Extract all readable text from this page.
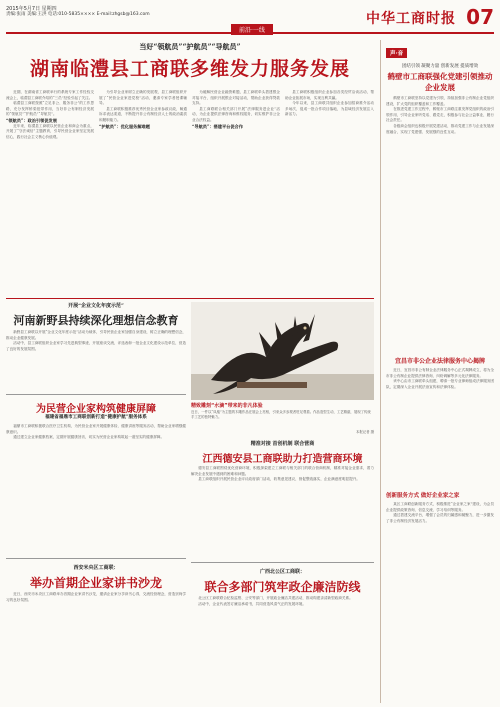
2015年5月7日 星期四
责编:张雨 美编:王洪 电话:010-5835×××× E-mail:zhgsb@163.com
前沿·一线
中华工商时报 07
当好“领航员”“护航员”“导航员”
湖南临澧县工商联多维发力服务发展

近期，在湖南省工商联举行的系统专家工作经验交流会上，临澧县工商联介绍的“三员”经验引起了关注。

临澧县工商联按照“立足非公、服务非公”的工作思路，充分发挥桥梁纽带作用，当好非公有制经济发展的“领航员”“护航员”“导航员”。

“领航员”：政治引领促发展

近年来，临澧县工商联以民营企业和商会为重点，开展了“守法诚信”主题教育，引导民营企业家坚定发展信心，践行社会主义核心价值观。

为引导企业家树立正确的发展观，县工商联组织开展了“民营企业家进党校”活动，邀请专家学者授课辅导。

县工商联积极推荐优秀民营企业家参政议政，畅通诉求表达渠道，不断提升非公有制经济人士的政治素质和履职能力。

“护航员”：优化服务解难题

为破解民营企业融资难题，县工商联牵头搭建银企对接平台，组织开展银企对接活动，帮助企业获得贷款支持。

县工商联联合相关部门开展“法律服务进企业”活动，为企业提供法律咨询和维权服务，切实维护非公企业合法权益。

“导航员”：搭建平台促合作

县工商联积极组织企业参加各类经贸洽谈活动，帮助企业拓展市场，实现互利共赢。

今年以来，县工商联共组织企业参加招商推介活动多场次，促成一批合作项目落地，为县域经济发展注入新活力。

开展“企业文化年度示范”
河南新野县持续深化理想信念教育

新野县工商联以开展“企业文化年度示范”活动为载体，引导民营企业家加强自身建设，树立正确的理想信念，推动企业健康发展。

活动中，县工商联组织企业家学习先进典型事迹，开展座谈交流，评选表彰一批企业文化建设示范单位，营造了良好的发展氛围。

精致雕刻“水滴”带来的非凡体验
近日，一件以“凤凰”为主题的木雕作品在展会上亮相，引来众多参观者驻足观看。作品造型生动，工艺精湛，展现了传统手工艺的独特魅力。
本报记者 摄
为民营企业家构筑健康屏障
福建省福鼎市工商联创新打造“健康护航”服务体系

福鼎市工商联积极联合医疗卫生机构，为民营企业家开展健康体检、健康讲座等服务活动，帮助企业家增强健康意识。

通过建立企业家健康档案，定期开展健康回访，切实为民营企业家构筑起一道坚实的健康屏障。

精准对接 首创机制 联合营商
江西德安县工商联助力打造营商环境

德安县工商联围绕优化营商环境，积极探索建立工商联与相关部门的联合营商机制，精准对接企业需求，着力解决企业发展中遇到的困难和问题。

县工商联组织开展民营企业评议政府部门活动，收集意见建议，督促整改落实，企业满意度明显提升。

西安米央区工商联：
举办首期企业家讲书沙龙

近日，西安市米央区工商联举办首期企业家讲书沙龙，邀请企业家分享读书心得，交流经营理念，营造崇尚学习的良好氛围。

广西北公区工商联：
联合多部门筑牢政企廉洁防线

北公区工商联联合纪检监察、公安等部门，开展政企廉洁共建活动，推动构建亲清新型政商关系。

活动中，企业代表签订廉洁承诺书，共同营造风清气正的发展环境。

声·音
团结引领 凝聚力量 创新发展 提质增效
鹤壁市工商联强化党建引领推动企业发展

鹤壁市工商联坚持以党建为引领，持续加强非公有制企业党组织建设，扩大党的组织覆盖和工作覆盖。

在推进党建工作过程中，鹤壁市工商联注重发挥党组织的政治引领作用，引导企业家听党话、跟党走，积极参与社会公益事业，履行社会责任。

各级商会组织也积极开展党建活动，推动党建工作与企业发展深度融合，实现了党建强、发展强的良性互动。

宜昌市非公企业法律服务中心揭牌

近日，宜昌市非公有制企业法律服务中心正式揭牌成立，将为全市非公有制企业提供法律咨询、纠纷调解等多元化法律服务。

该中心由市工商联牵头组建，聘请一批专业律师组成法律服务团队，定期深入企业开展法治宣传和法律体检。

创新服务方式 做好企业家之家

某区工商联创新服务方式，积极推进“企业家之家”建设，为会员企业提供政策咨询、信息交流、学习培训等服务。

通过搭建交流平台，增强了会员的归属感和凝聚力，进一步激发了非公有制经济发展活力。
